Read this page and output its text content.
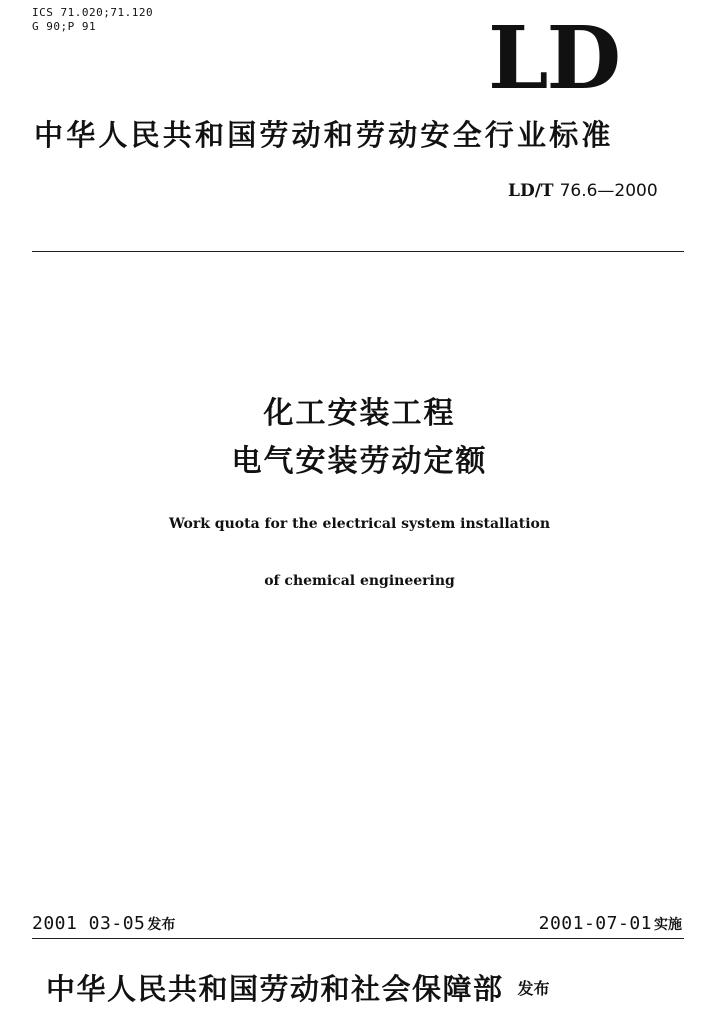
ICS 71.020;71.120
G 90;P 91	LD
中华人民共和国劳动和劳动安全行业标准
LD/T 76.6—2000
化工安装工程
电气安装劳动定额
Work quota for the electrical system installation
of chemical engineering
2001 03-05 发布	2001-07-01 实施
中华人民共和国劳动和社会保障部 发布
